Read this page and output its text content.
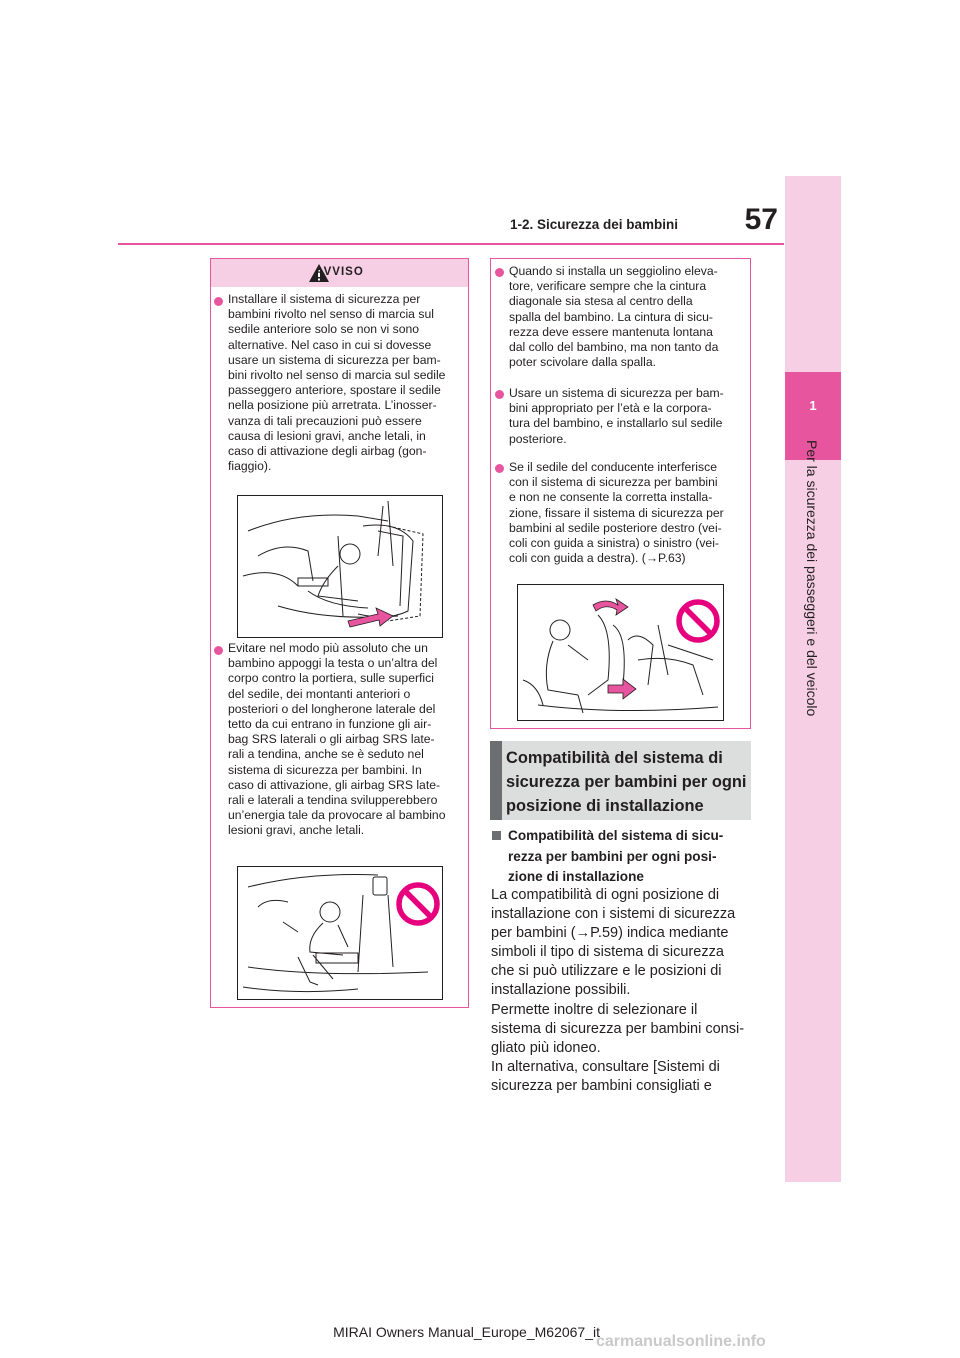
1
Per la sicurezza dei passeggeri e del veicolo
57
1-2. Sicurezza dei bambini
AVVISO
Installare il sistema di sicurezza per
bambini rivolto nel senso di marcia sul
sedile anteriore solo se non vi sono
alternative. Nel caso in cui si dovesse
usare un sistema di sicurezza per bam-
bini rivolto nel senso di marcia sul sedile
passeggero anteriore, spostare il sedile
nella posizione più arretrata. L’inosser-
vanza di tali precauzioni può essere
causa di lesioni gravi, anche letali, in
caso di attivazione degli airbag (gon-
fiaggio).
Evitare nel modo più assoluto che un
bambino appoggi la testa o un’altra del
corpo contro la portiera, sulle superfici
del sedile, dei montanti anteriori o
posteriori o del longherone laterale del
tetto da cui entrano in funzione gli air-
bag SRS laterali o gli airbag SRS late-
rali a tendina, anche se è seduto nel
sistema di sicurezza per bambini. In
caso di attivazione, gli airbag SRS late-
rali e laterali a tendina svilupperebbero
un’energia tale da provocare al bambino
lesioni gravi, anche letali.
Quando si installa un seggiolino eleva-
tore, verificare sempre che la cintura
diagonale sia stesa al centro della
spalla del bambino. La cintura di sicu-
rezza deve essere mantenuta lontana
dal collo del bambino, ma non tanto da
poter scivolare dalla spalla.
Usare un sistema di sicurezza per bam-
bini appropriato per l’età e la corpora-
tura del bambino, e installarlo sul sedile
posteriore.
Se il sedile del conducente interferisce
con il sistema di sicurezza per bambini
e non ne consente la corretta installa-
zione, fissare il sistema di sicurezza per
bambini al sedile posteriore destro (vei-
coli con guida a sinistra) o sinistro (vei-
coli con guida a destra). (→P.63)
Compatibilità del sistema di
sicurezza per bambini per ogni
posizione di installazione
Compatibilità del sistema di sicu-
rezza per bambini per ogni posi-
zione di installazione
La compatibilità di ogni posizione di
installazione con i sistemi di sicurezza
per bambini (→P.59) indica mediante
simboli il tipo di sistema di sicurezza
che si può utilizzare e le posizioni di
installazione possibili.
Permette inoltre di selezionare il
sistema di sicurezza per bambini consi-
gliato più idoneo.
In alternativa, consultare [Sistemi di
sicurezza per bambini consigliati e
MIRAI Owners Manual_Europe_M62067_it
carmanualsonline.info
